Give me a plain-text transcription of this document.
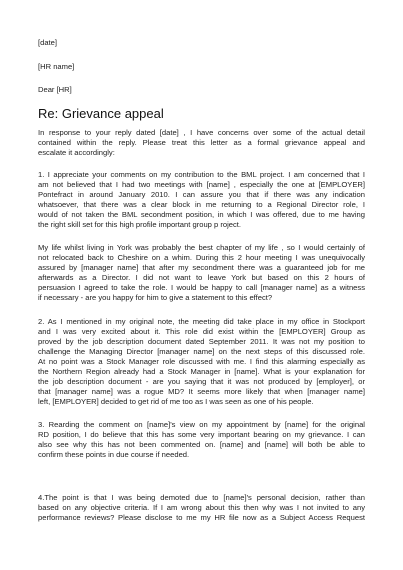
[date]
[HR name]
Dear [HR]
Re: Grievance appeal
In response to your reply dated [date] , I have concerns over some of the actual detail
contained within the reply. Please treat this letter as a formal grievance appeal and
escalate it accordingly:
1. I appreciate your comments on my contribution to the BML project. I am concerned that I
am not believed that I had two meetings with [name] , especially the one at [EMPLOYER]
Pontefract in around January 2010. I can assure you that if there was any indication
whatsoever, that there was a clear block in me returning to a Regional Director role, I
would of not taken the BML secondment position, in which I was offered, due to me having
the right skill set for this high profile important group p roject.
My life whilst living in York was probably the best chapter of my life , so I would certainly of
not relocated back to Cheshire on a whim. During this 2 hour meeting I was unequivocally
assured by [manager name] that after my secondment there was a guaranteed job for me
afterwards as a Director. I did not want to leave York but based on this 2 hours of
persuasion I agreed to take the role. I would be happy to call [manager name] as a witness
if necessary - are you happy for him to give a statement to this effect?
2. As I mentioned in my original note, the meeting did take place in my office in Stockport
and I was very excited about it. This role did exist within the [EMPLOYER] Group as
proved by the job description document dated September 2011. It was not my position to
challenge the Managing Director [manager name] on the next steps of this discussed role.
At no point was a Stock Manager role discussed with me. I find this alarming especially as
the Northern Region already had a Stock Manager in [name]. What is your explanation for
the job description document - are you saying that it was not produced by [employer], or
that [manager name] was a rogue MD? It seems more likely that when [manager name]
left, [EMPLOYER] decided to get rid of me too as I was seen as one of his people.
3. Rearding the comment on [name]'s view on my appointment by [name] for the original
RD position, I do believe that this has some very important bearing on my grievance. I can
also see why this has not been commented on. [name] and [name] will both be able to
confirm these points in due course if needed.
4.The point is that I was being demoted due to [name]'s personal decision, rather than
based on any objective criteria. If I am wrong about this then why was I not invited to any
performance reviews? Please disclose to me my HR file now as a Subject Access Request
